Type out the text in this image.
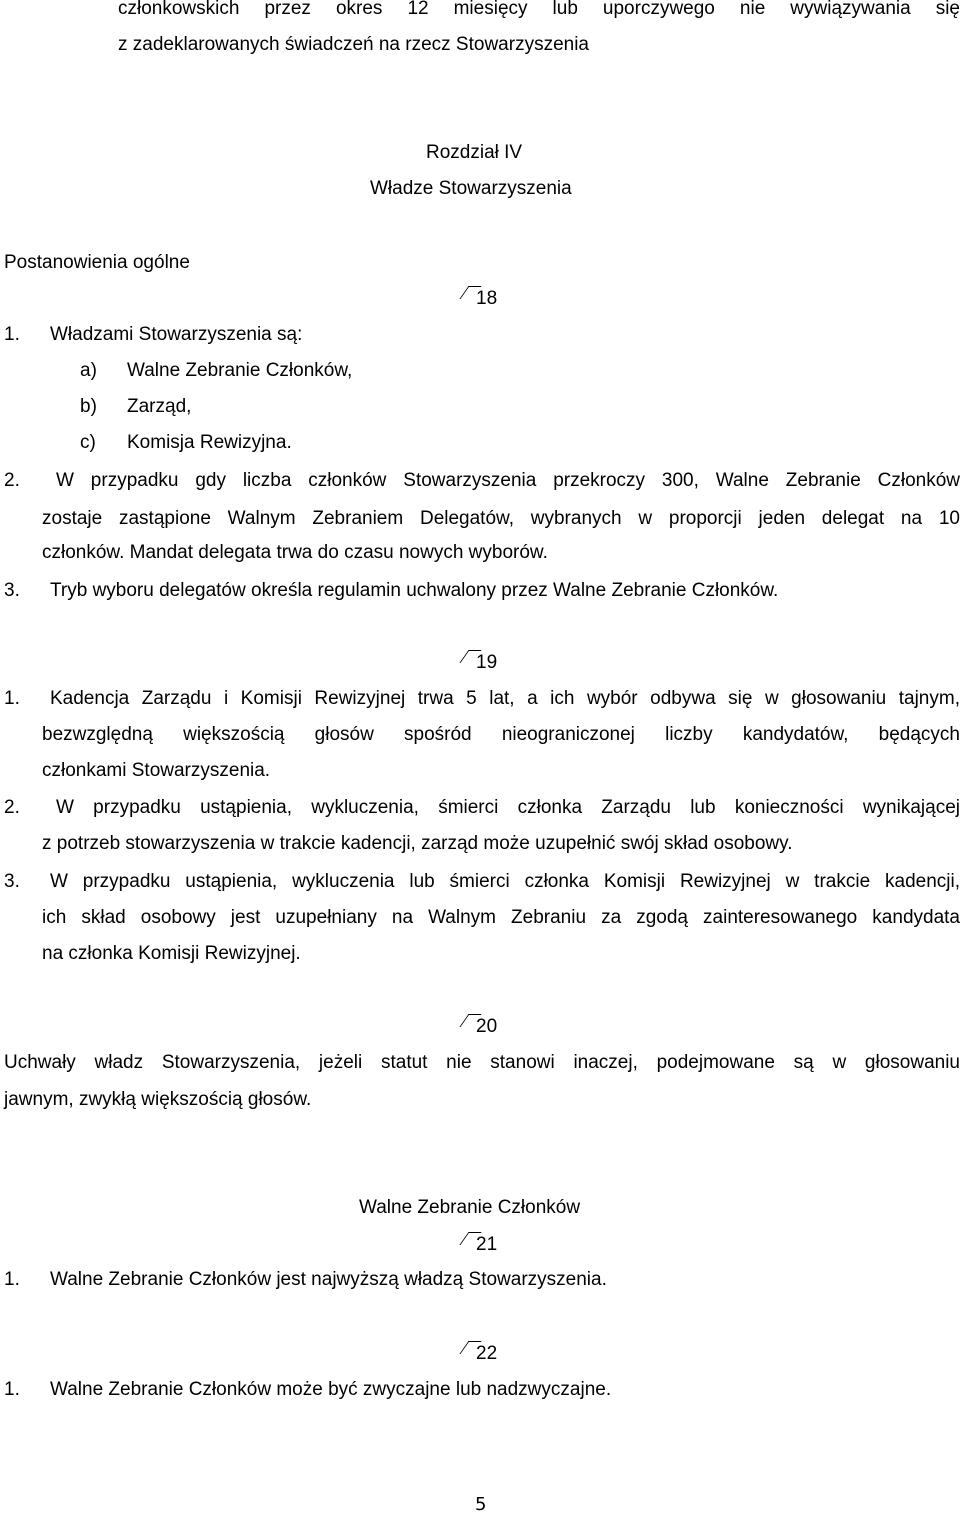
członkowskich przez okres 12 miesięcy lub uporczywego nie wywiązywania się
z zadeklarowanych świadczeń na rzecz Stowarzyszenia
Rozdział IV
Władze Stowarzyszenia
Postanowienia ogólne
18
1. Władzami Stowarzyszenia są:
a) Walne Zebranie Członków,
b) Zarząd,
c) Komisja Rewizyjna.
2. W przypadku gdy liczba członków Stowarzyszenia przekroczy 300, Walne Zebranie Członków
zostaje zastąpione Walnym Zebraniem Delegatów, wybranych w proporcji jeden delegat na 10
członków. Mandat delegata trwa do czasu nowych wyborów.
3. Tryb wyboru delegatów określa regulamin uchwalony przez Walne Zebranie Członków.
19
1. Kadencja Zarządu i Komisji Rewizyjnej trwa 5 lat, a ich wybór odbywa się w głosowaniu tajnym,
bezwzględną większością głosów spośród nieograniczonej liczby kandydatów, będących
członkami Stowarzyszenia.
2. W przypadku ustąpienia, wykluczenia, śmierci członka Zarządu lub konieczności wynikającej
z potrzeb stowarzyszenia w trakcie kadencji, zarząd może uzupełnić swój skład osobowy.
3. W przypadku ustąpienia, wykluczenia lub śmierci członka Komisji Rewizyjnej w trakcie kadencji,
ich skład osobowy jest uzupełniany na Walnym Zebraniu za zgodą zainteresowanego kandydata
na członka Komisji Rewizyjnej.
20
Uchwały władz Stowarzyszenia, jeżeli statut nie stanowi inaczej, podejmowane są w głosowaniu
jawnym, zwykłą większością głosów.
Walne Zebranie Członków
21
1. Walne Zebranie Członków jest najwyższą władzą Stowarzyszenia.
22
1. Walne Zebranie Członków może być zwyczajne lub nadzwyczajne.
5
